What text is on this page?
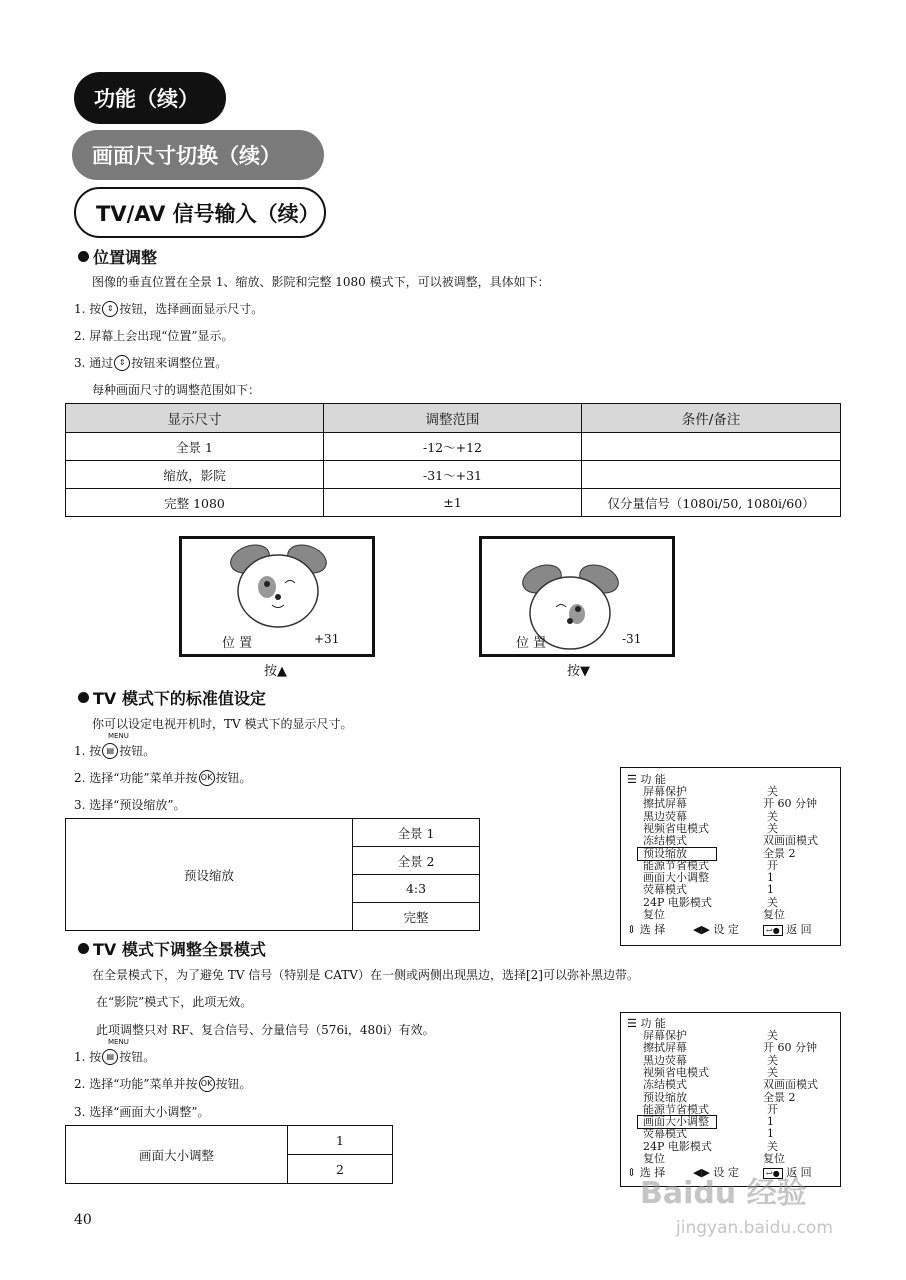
功能（续）
画面尺寸切换（续）
TV/AV 信号输入（续）
位置调整
图像的垂直位置在全景 1、缩放、影院和完整 1080 模式下，可以被调整，具体如下：
1. 按 ⇕ 按钮，选择画面显示尺寸。
2. 屏幕上会出现“位置”显示。
3. 通过 ⇕ 按钮来调整位置。
每种画面尺寸的调整范围如下：
显示尺寸	调整范围	条件/备注
全景 1	-12～+12	
缩放，影院	-31～+31	
完整 1080	±1	仅分量信号（1080i/50, 1080i/60）
位 置	+31
按▲
位 置	-31
按▼
TV 模式下的标准值设定
你可以设定电视开机时，TV 模式下的显示尺寸。
MENU
1. 按 ▤ 按钮。
2. 选择“功能”菜单并按 OK 按钮。
3. 选择“预设缩放”。
预设缩放	全景 1
全景 2
4:3
完整
☰ 功 能
屏幕保护	关
擦拭屏幕	开 60 分钟
黑边荧幕	关
视频省电模式	关
冻结模式	双画面模式
预设缩放	全景 2
能源节省模式	开
画面大小调整	1
荧幕模式	1
24P 电影模式	关
复位	复位
⇕ 选 择	◀▶ 设 定	↩● 返 回
TV 模式下调整全景模式
在全景模式下，为了避免 TV 信号（特别是 CATV）在一侧或两侧出现黑边，选择[2]可以弥补黑边带。
在“影院”模式下，此项无效。
此项调整只对 RF、复合信号、分量信号（576i，480i）有效。
MENU
1. 按 ▤ 按钮。
2. 选择“功能”菜单并按 OK 按钮。
3. 选择“画面大小调整”。
画面大小调整	1
2
☰ 功 能
屏幕保护	关
擦拭屏幕	开 60 分钟
黑边荧幕	关
视频省电模式	关
冻结模式	双画面模式
预设缩放	全景 2
能源节省模式	开
画面大小调整	1
荧幕模式	1
24P 电影模式	关
复位	复位
⇕ 选 择	◀▶ 设 定	↩● 返 回
40
Baidu 经验
jingyan.baidu.com
